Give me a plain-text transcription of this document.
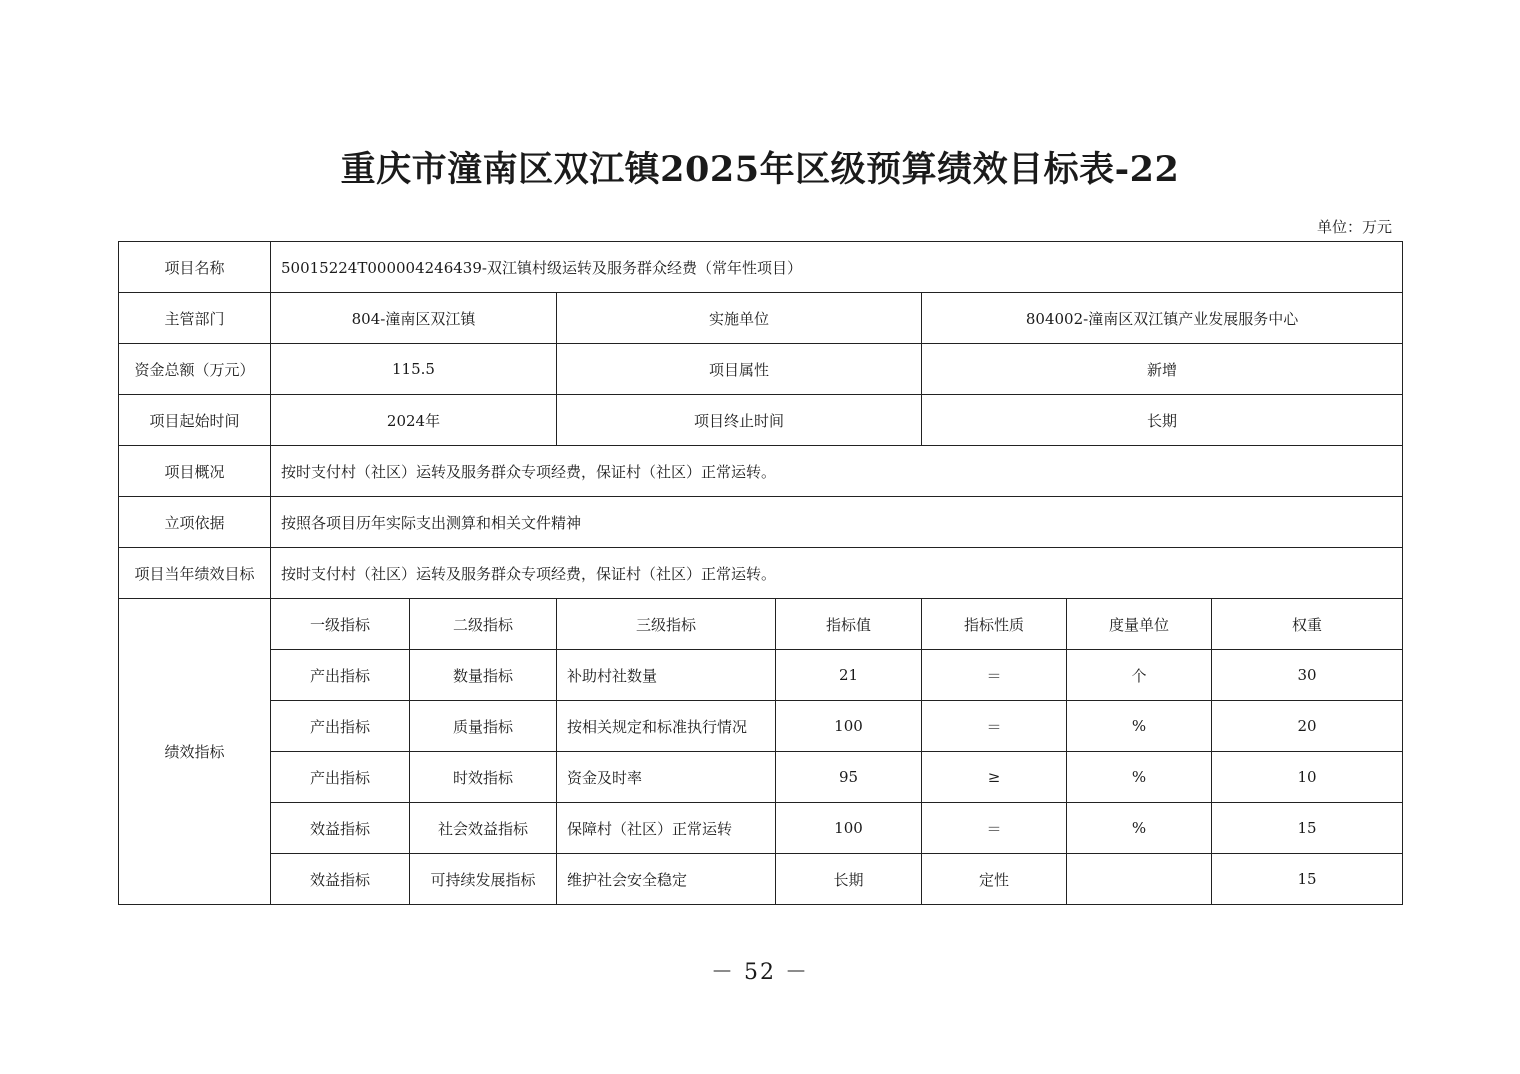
重庆市潼南区双江镇2025年区级预算绩效目标表-22
单位：万元
项目名称	50015224T000004246439-双江镇村级运转及服务群众经费（常年性项目）						
主管部门	804-潼南区双江镇		实施单位		804002-潼南区双江镇产业发展服务中心		
资金总额（万元）	115.5		项目属性		新增		
项目起始时间	2024年		项目终止时间		长期		
项目概况	按时支付村（社区）运转及服务群众专项经费，保证村（社区）正常运转。						
立项依据	按照各项目历年实际支出测算和相关文件精神						
项目当年绩效目标	按时支付村（社区）运转及服务群众专项经费，保证村（社区）正常运转。						
绩效指标	一级指标	二级指标	三级指标	指标值	指标性质	度量单位	权重
	产出指标	数量指标	补助村社数量	21	＝	个	30
	产出指标	质量指标	按相关规定和标准执行情况	100	＝	%	20
	产出指标	时效指标	资金及时率	95	≥	%	10
	效益指标	社会效益指标	保障村（社区）正常运转	100	＝	%	15
	效益指标	可持续发展指标	维护社会安全稳定	长期	定性		15
－ 52 －
